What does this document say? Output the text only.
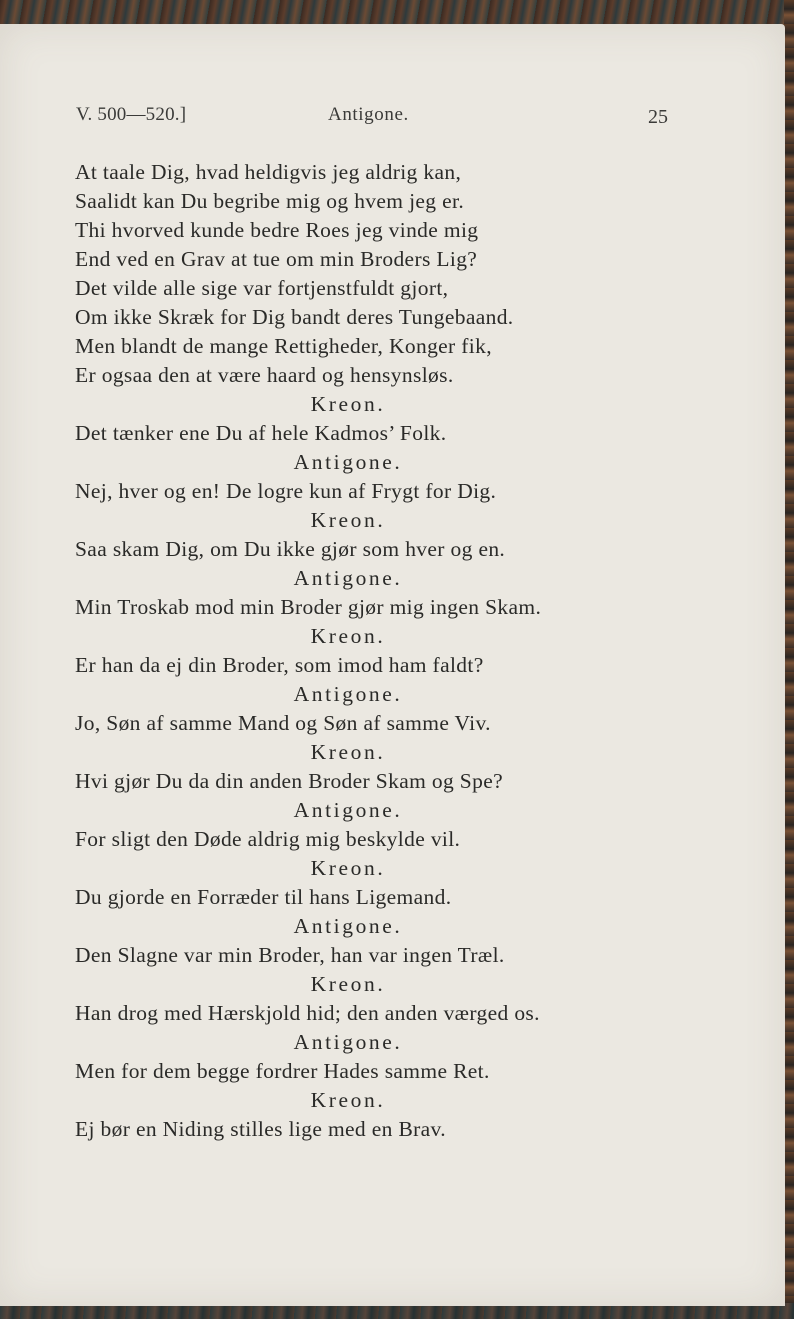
V. 500—520.]	Antigone.	25
At taale Dig, hvad heldigvis jeg aldrig kan,
Saalidt kan Du begribe mig og hvem jeg er.
Thi hvorved kunde bedre Roes jeg vinde mig
End ved en Grav at tue om min Broders Lig?
Det vilde alle sige var fortjenstfuldt gjort,
Om ikke Skræk for Dig bandt deres Tungebaand.
Men blandt de mange Rettigheder, Konger fik,
Er ogsaa den at være haard og hensynsløs.
Kreon.
Det tænker ene Du af hele Kadmos’ Folk.
Antigone.
Nej, hver og en! De logre kun af Frygt for Dig.
Kreon.
Saa skam Dig, om Du ikke gjør som hver og en.
Antigone.
Min Troskab mod min Broder gjør mig ingen Skam.
Kreon.
Er han da ej din Broder, som imod ham faldt?
Antigone.
Jo, Søn af samme Mand og Søn af samme Viv.
Kreon.
Hvi gjør Du da din anden Broder Skam og Spe?
Antigone.
For sligt den Døde aldrig mig beskylde vil.
Kreon.
Du gjorde en Forræder til hans Ligemand.
Antigone.
Den Slagne var min Broder, han var ingen Træl.
Kreon.
Han drog med Hærskjold hid; den anden værged os.
Antigone.
Men for dem begge fordrer Hades samme Ret.
Kreon.
Ej bør en Niding stilles lige med en Brav.
